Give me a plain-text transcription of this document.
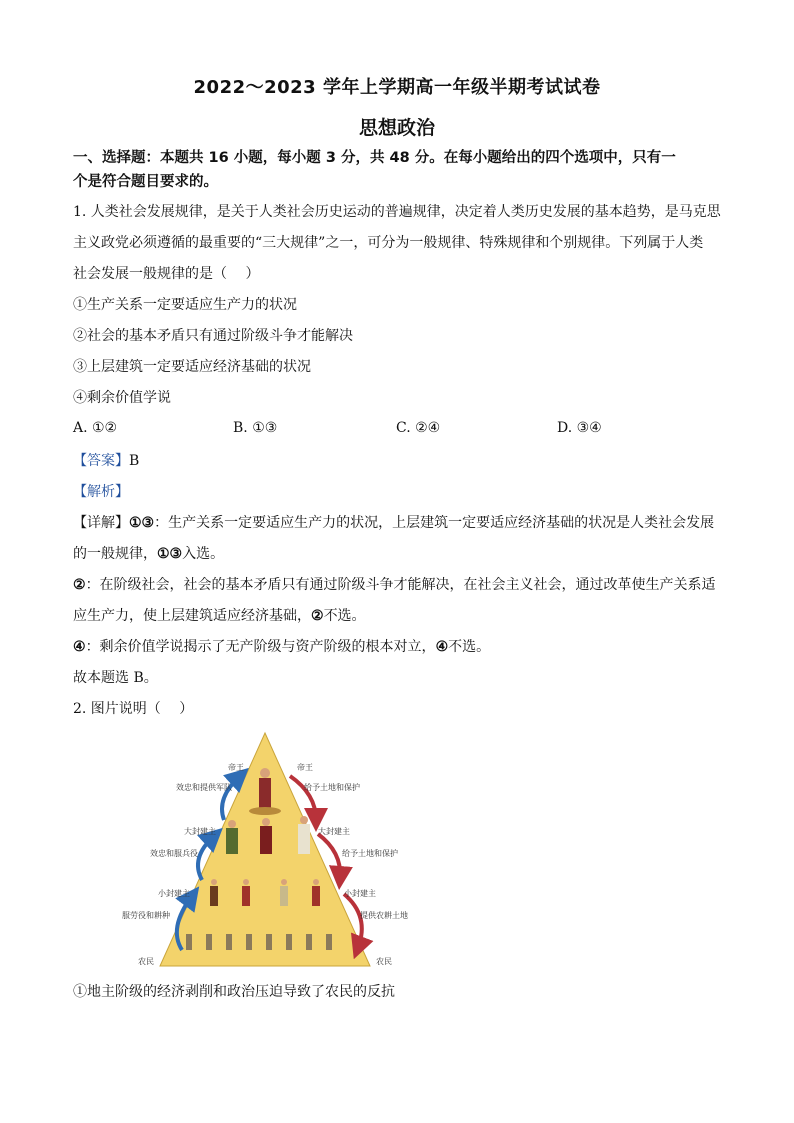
2022～2023 学年上学期高一年级半期考试试卷
思想政治
一、选择题：本题共 16 小题，每小题 3 分，共 48 分。在每小题给出的四个选项中，只有一
个是符合题目要求的。
1. 人类社会发展规律，是关于人类社会历史运动的普遍规律，决定着人类历史发展的基本趋势，是马克思
主义政党必须遵循的最重要的“三大规律”之一，可分为一般规律、特殊规律和个别规律。下列属于人类
社会发展一般规律的是（　 ）
①生产关系一定要适应生产力的状况
②社会的基本矛盾只有通过阶级斗争才能解决
③上层建筑一定要适应经济基础的状况
④剩余价值学说
A. ①②	B. ①③	C. ②④	D. ③④
【答案】B
【解析】
【详解】①③：生产关系一定要适应生产力的状况，上层建筑一定要适应经济基础的状况是人类社会发展
的一般规律，①③入选。
②：在阶级社会，社会的基本矛盾只有通过阶级斗争才能解决，在社会主义社会，通过改革使生产关系适
应生产力，使上层建筑适应经济基础，②不选。
④：剩余价值学说揭示了无产阶级与资产阶级的根本对立，④不选。
故本题选 B。
2. 图片说明（　 ）
帝王	帝王
大封建主	大封建主
小封建主	小封建主
农民	农民
效忠和提供军队
效忠和服兵役
服劳役和耕种
给予土地和保护
给予土地和保护
提供农耕土地
①地主阶级的经济剥削和政治压迫导致了农民的反抗
